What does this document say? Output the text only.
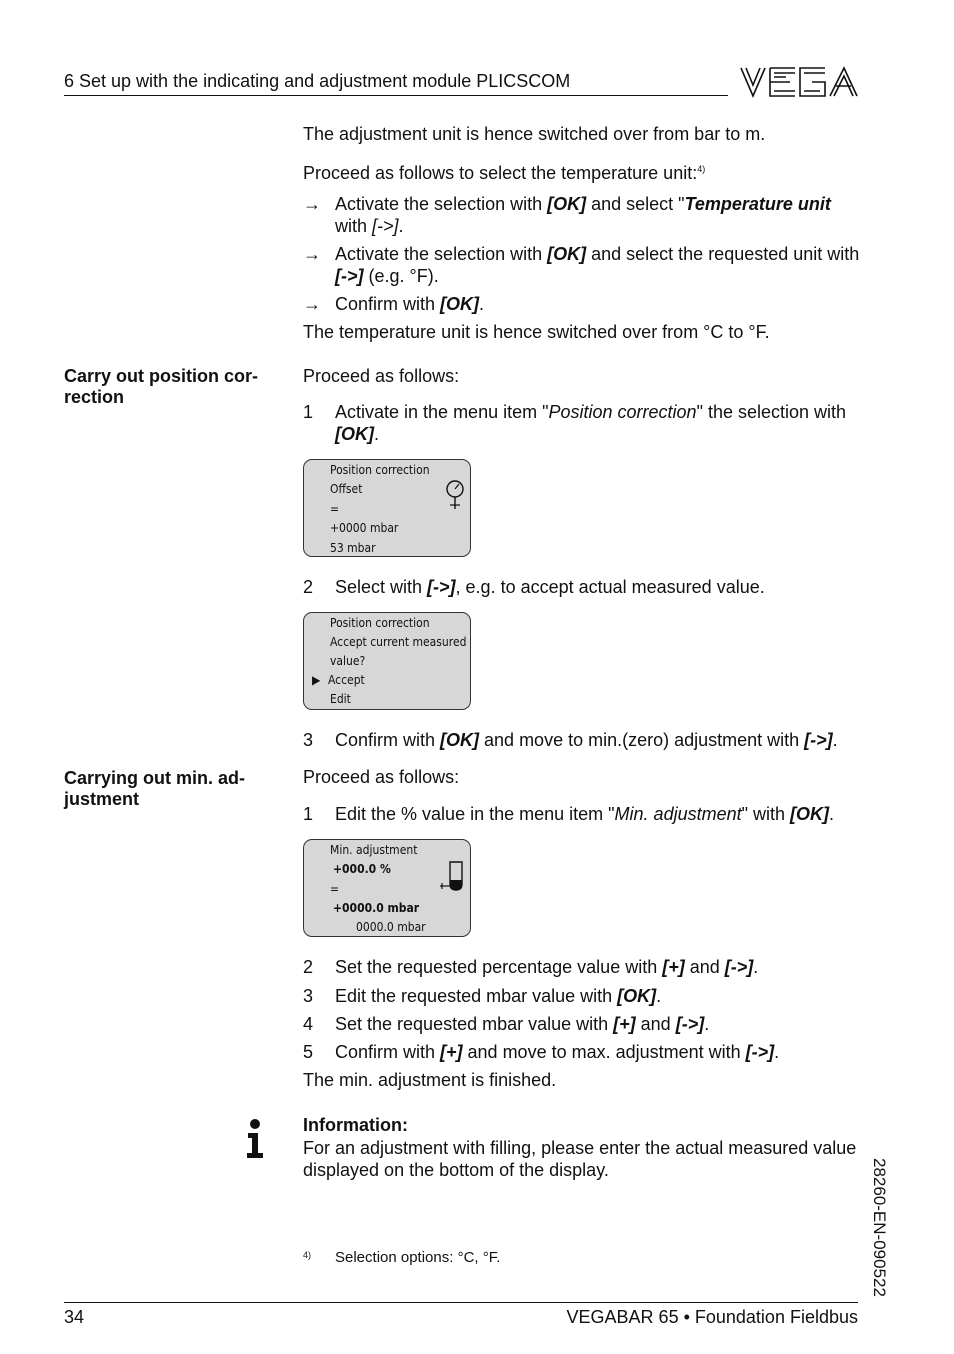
6 Set up with the indicating and adjustment module PLICSCOM
The adjustment unit is hence switched over from bar to m.
Proceed as follows to select the temperature unit:$^{4)}$
→ Activate the selection with [OK] and select "Temperature unit
with [->].
→ Activate the selection with [OK] and select the requested unit with
[->] (e.g. °F).
→ Confirm with [OK].
The temperature unit is hence switched over from °C to °F.
Carry out position cor-
rection
Proceed as follows:
1	Activate in the menu item "Position correction" the selection with
[OK].
Position correction
Offset
=
+0000 mbar
53 mbar
2	Select with [->], e.g. to accept actual measured value.
Position correction
Accept current measured
value?
▶ Accept
Edit
3	Confirm with [OK] and move to min.(zero) adjustment with [->].
Carrying out min. ad-
justment
Proceed as follows:
1	Edit the % value in the menu item "Min. adjustment" with [OK].
Min. adjustment
+000.0 %
=
+0000.0 mbar
0000.0 mbar
2	Set the requested percentage value with [+] and [->].
3	Edit the requested mbar value with [OK].
4	Set the requested mbar value with [+] and [->].
5	Confirm with [+] and move to max. adjustment with [->].
The min. adjustment is finished.
Information:
For an adjustment with filling, please enter the actual measured value displayed on the bottom of the display.
4) Selection options: °C, °F.
34	VEGABAR 65 • Foundation Fieldbus
28260-EN-090522
